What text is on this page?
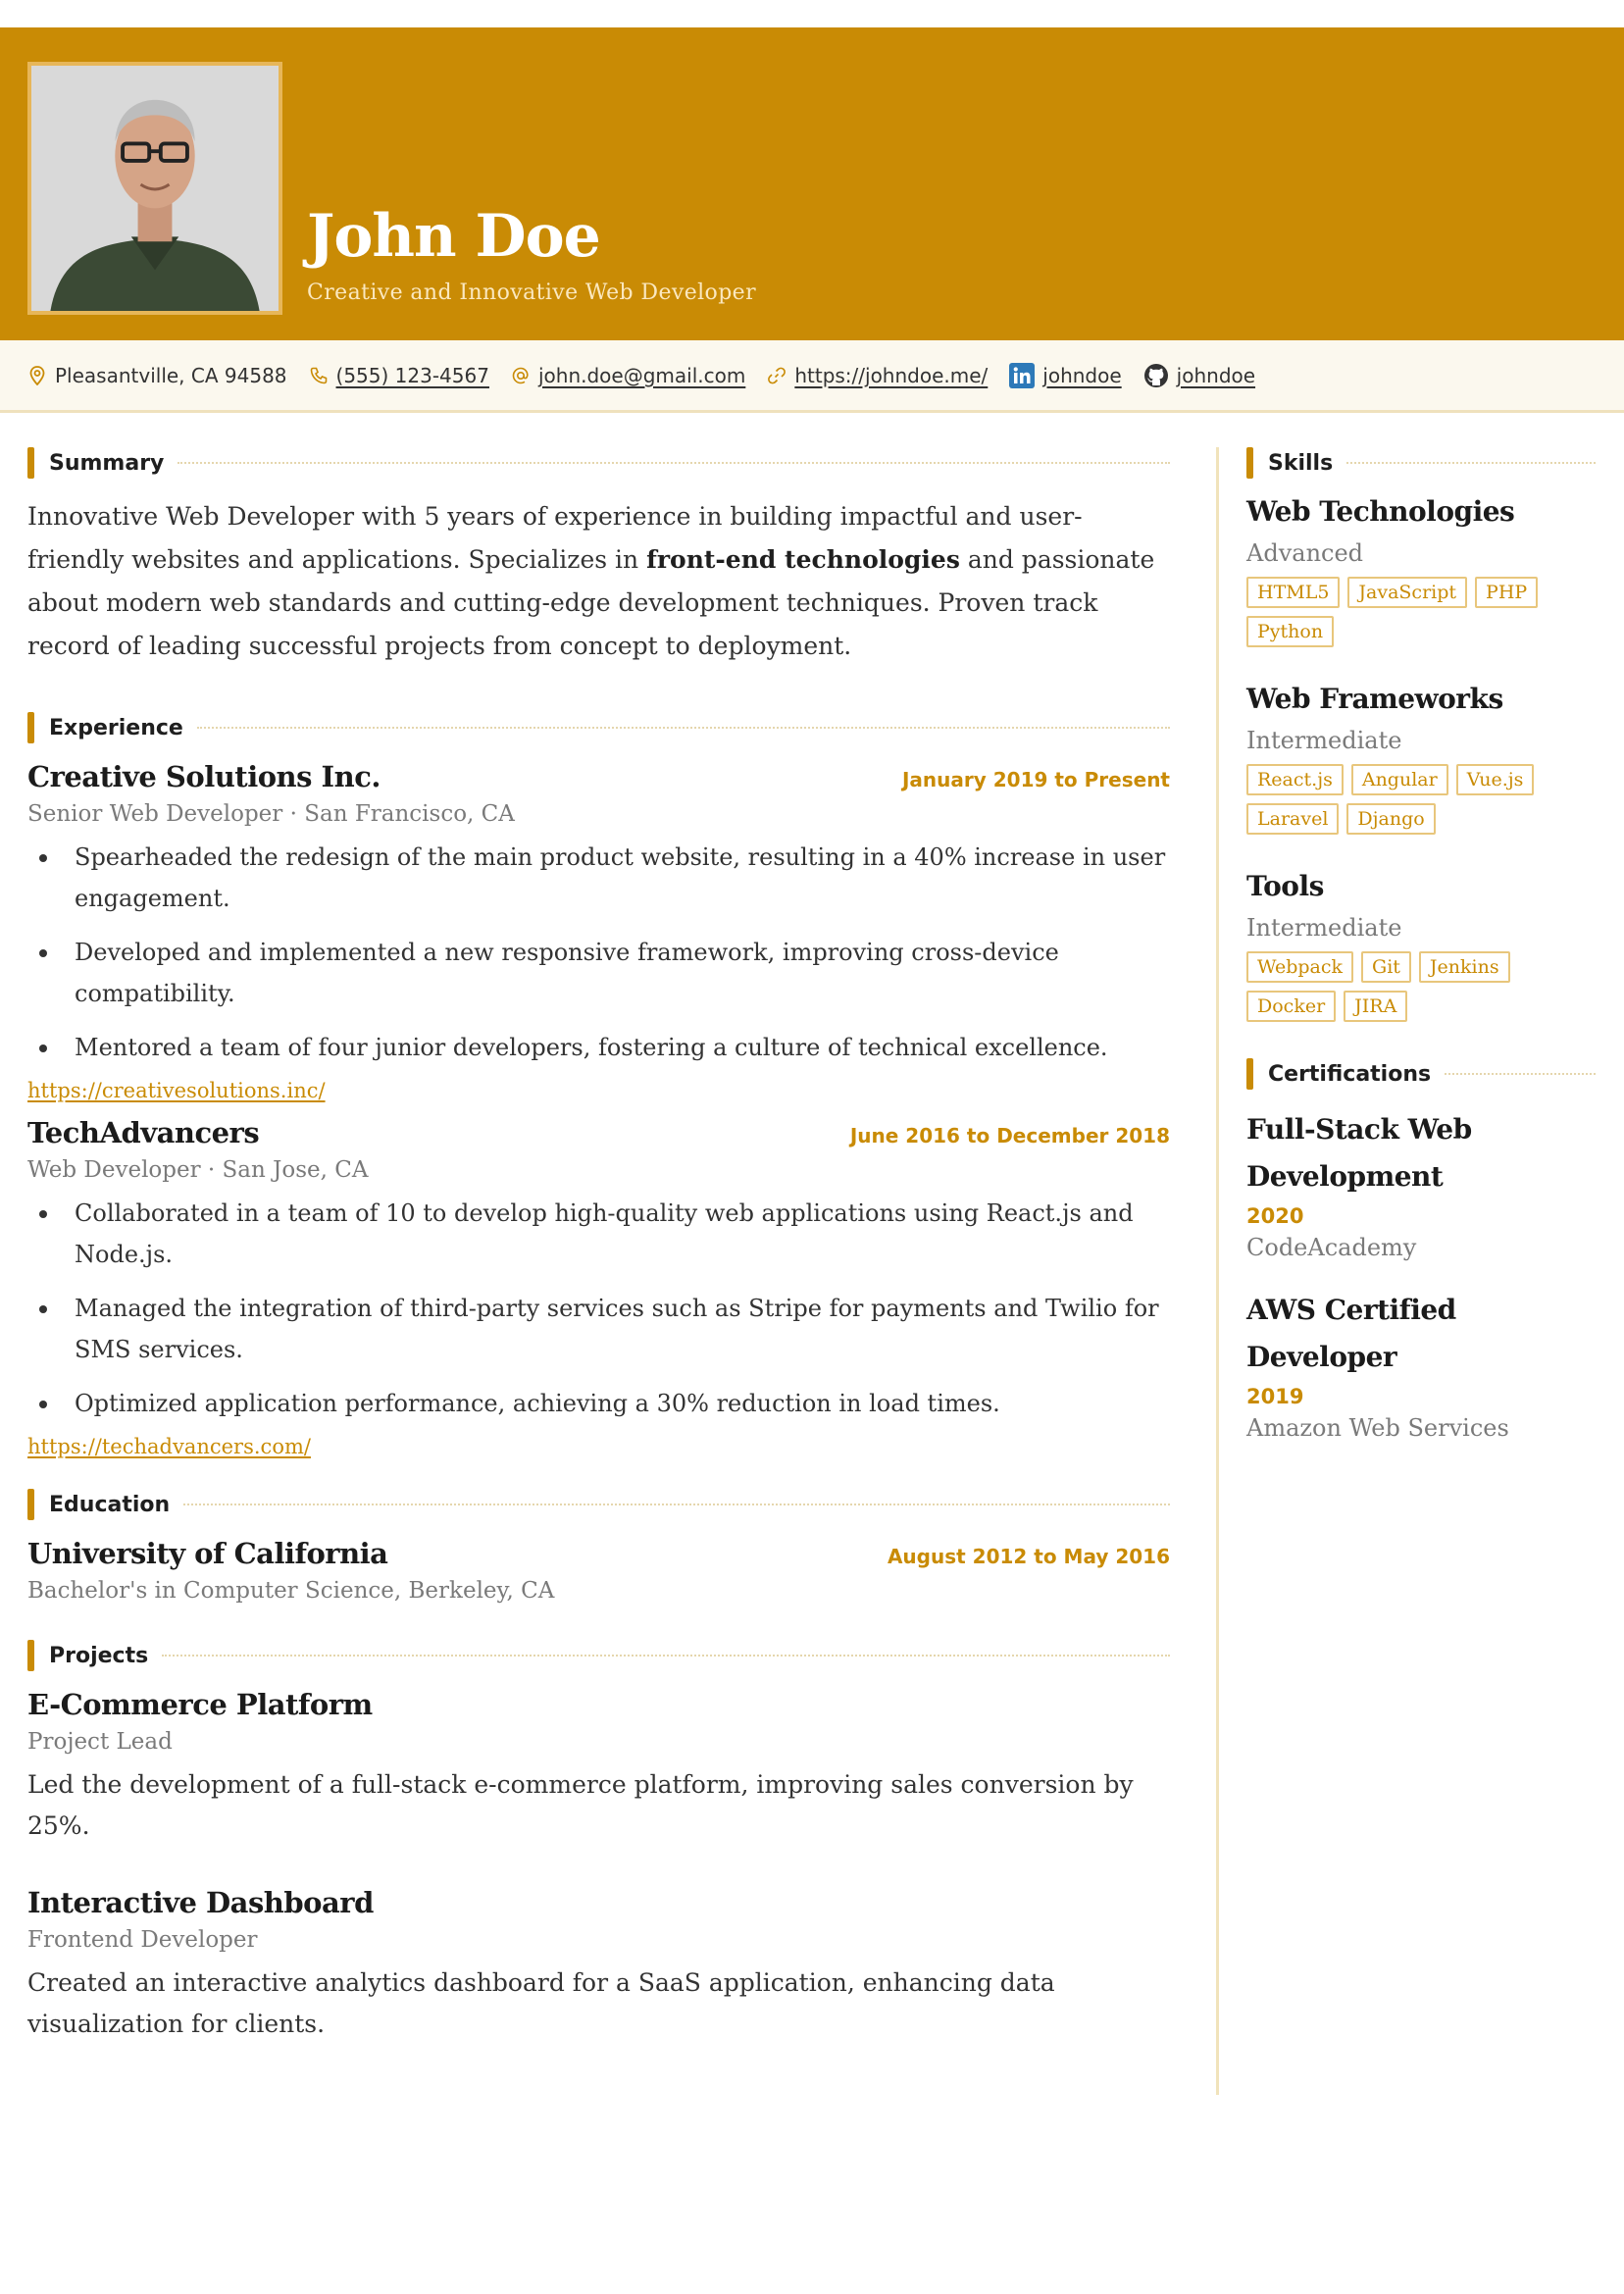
John Doe
Creative and Innovative Web Developer
Pleasantville, CA 94588	(555) 123-4567	john.doe@gmail.com	https://johndoe.me/	johndoe	johndoe
Summary

Innovative Web Developer with 5 years of experience in building impactful and user-friendly websites and applications. Specializes in front-end technologies and passionate about modern web standards and cutting-edge development techniques. Proven track record of leading successful projects from concept to deployment.

Experience
Creative Solutions Inc.	January 2019 to Present
Senior Web Developer · San Francisco, CA
Spearheaded the redesign of the main product website, resulting in a 40% increase in user engagement.
Developed and implemented a new responsive framework, improving cross-device compatibility.
Mentored a team of four junior developers, fostering a culture of technical excellence.
https://creativesolutions.inc/
TechAdvancers	June 2016 to December 2018
Web Developer · San Jose, CA
Collaborated in a team of 10 to develop high-quality web applications using React.js and Node.js.
Managed the integration of third-party services such as Stripe for payments and Twilio for SMS services.
Optimized application performance, achieving a 30% reduction in load times.
https://techadvancers.com/
Education
University of California	August 2012 to May 2016
Bachelor's in Computer Science, Berkeley, CA
Projects
E-Commerce Platform
Project Lead
Led the development of a full-stack e-commerce platform, improving sales conversion by 25%.
Interactive Dashboard
Frontend Developer
Created an interactive analytics dashboard for a SaaS application, enhancing data visualization for clients.
Skills
Web Technologies
Advanced
HTML5	JavaScript	PHP
Python
Web Frameworks
Intermediate
React.js	Angular	Vue.js
Laravel	Django
Tools
Intermediate
Webpack	Git	Jenkins
Docker	JIRA
Certifications
Full-Stack Web Development
2020
CodeAcademy
AWS Certified Developer
2019
Amazon Web Services
